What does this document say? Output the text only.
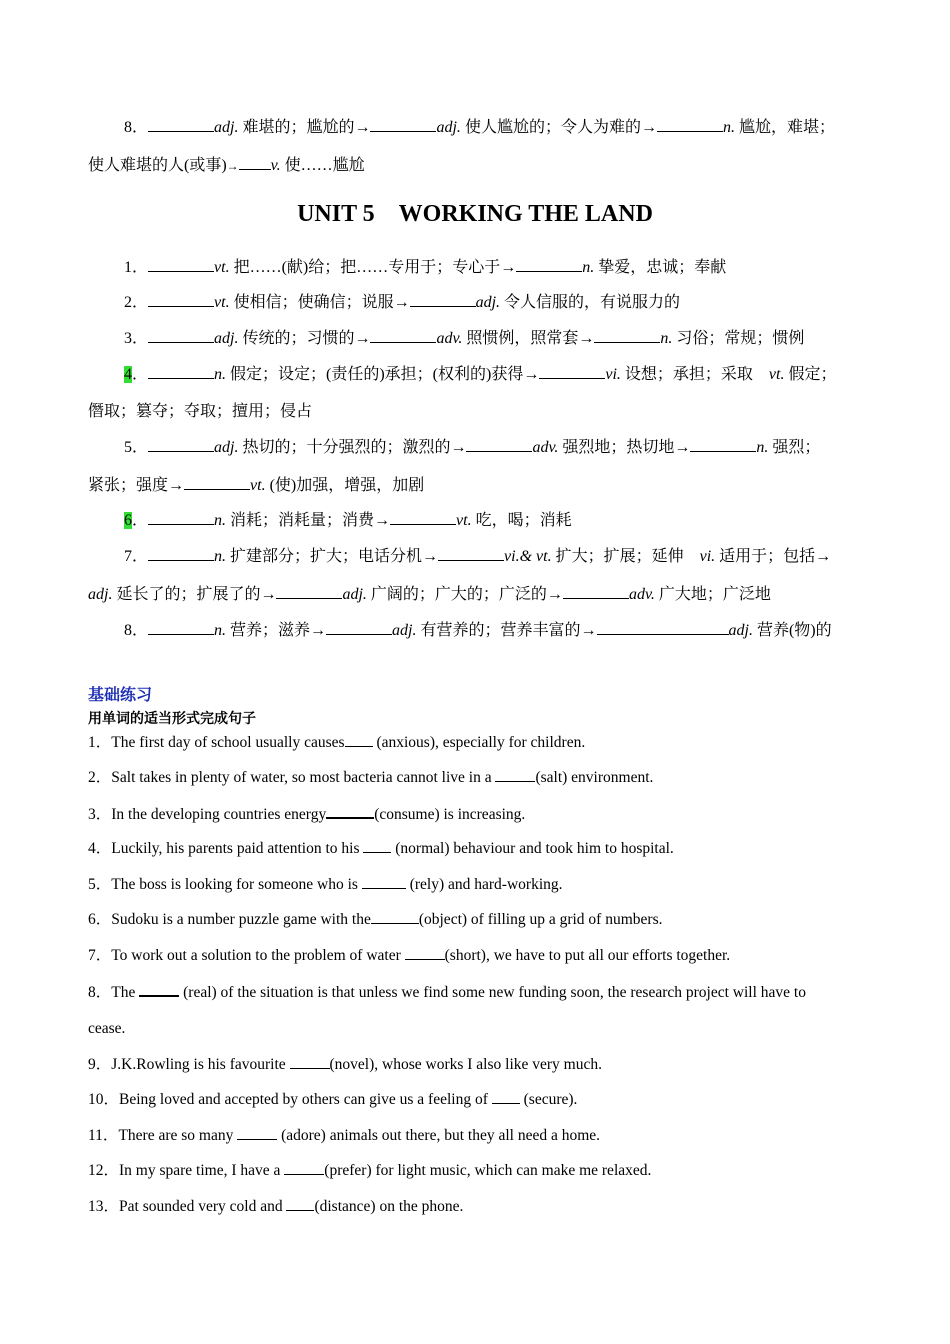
8．	adj. 难堪的；尴尬的→	adj. 使人尴尬的；令人为难的→	n. 尴尬，难堪；
使人难堪的人(或事)→ v. 使……尴尬
UNIT 5　WORKING THE LAND
1．	vt. 把……(献)给；把……专用于；专心于→	n. 挚爱，忠诚；奉献
2．	vt. 使相信；使确信；说服→	adj. 令人信服的，有说服力的
3．	adj. 传统的；习惯的→	adv. 照惯例，照常套→	n. 习俗；常规；惯例
4．	n. 假定；设定；(责任的)承担；(权利的)获得→	vi. 设想；承担；采取　vt. 假定；
僭取；篡夺；夺取；擅用；侵占
5．	adj. 热切的；十分强烈的；激烈的→	adv. 强烈地；热切地→	n. 强烈；
紧张；强度→	vt. (使)加强，增强，加剧
6．	n. 消耗；消耗量；消费→	vt. 吃，喝；消耗
7．	n. 扩建部分；扩大；电话分机→	vi.& vt. 扩大；扩展；延伸　vi. 适用于；包括→
adj. 延长了的；扩展了的→	adj. 广阔的；广大的；广泛的→	adv. 广大地；广泛地
8．	n. 营养；滋养→	adj. 有营养的；营养丰富的→	adj. 营养(物)的
基础练习
用单词的适当形式完成句子
1．The first day of school usually causes (anxious), especially for children.
2．Salt takes in plenty of water, so most bacteria cannot live in a	(salt) environment.
3．In the developing countries energy	(consume) is increasing.
4．Luckily, his parents paid attention to his  (normal) behaviour and took him to hospital.
5．The boss is looking for someone who is	(rely) and hard-working.
6．Sudoku is a number puzzle game with the	(object) of filling up a grid of numbers.
7．To work out a solution to the problem of water	(short), we have to put all our efforts together.
8．The	(real) of the situation is that unless we find some new funding soon, the research project will have to
cease.
9．J.K.Rowling is his favourite	(novel), whose works I also like very much.
10．Being loved and accepted by others can give us a feeling of  (secure).
11．There are so many	(adore) animals out there, but they all need a home.
12．In my spare time, I have a	(prefer) for light music, which can make me relaxed.
13．Pat sounded very cold and (distance) on the phone.
